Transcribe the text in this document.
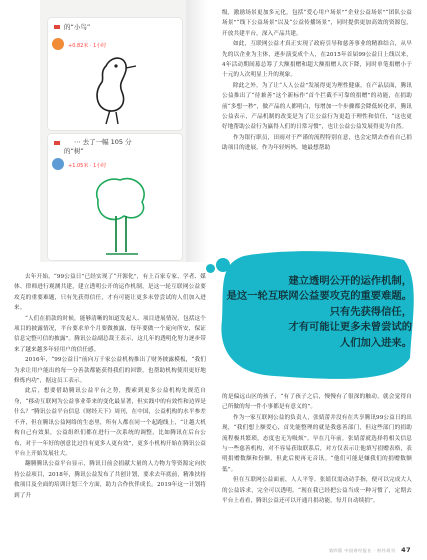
的“小鸟”
+0.82米 · 1小时
⋯ 去了一幅 105 分
的“树”
+1.05米 · 1小时

级，激励场景更加多元化，包括“爱心用户场景”“企业公益场景”“团队公益场景”“线下公益场景”以及“公益传播场景”，同时提供更加高效的资源包，开放共建平台，深入产品共建。

如此，互联网公益才真正实现了政府引导和慈善事业的精准结合，从早先的以企业为主体，逐步演变成个人，在2015年首届99公益日上线以来，4年活动期间募总筹了大额捐赠和超大额捐赠人次下降，同时单笔捐赠小于十元的人次明显上升的现象。

除此之外，为了让“人人公益”发展得更为理性健康，在产品层面，腾讯公益推出了“待兼善”这个新标作“首个拦截不可靠的捐赠”的功能，在捐助前“多想一秒”，做产品的人都明白，每增加一个步骤都会降低转化率，腾讯公益表示，产品机制的改变是为了让公益行为更趋于理性和信任，“这也更好地帮助公益行为赢得人们的日常习惯”，也让公益公益发展得更为自然。

作为银行职员，田雨对于严谨的流程特别在意，也会定期去查看自己捐助项目的进展，作为年轻妈妈，她最想帮助

建立透明公开的运作机制，
是这一轮互联网公益要攻克的重要难题。
只有先获得信任，
才有可能让更多未曾尝试的
人们加入进来。

去年开始，“99公益日”已经实现了“开源化”，有上百家专家、学者、媒体、律师进行观测共建，建立透明公开的运作机制，是这一轮互联网公益要攻克的重要难题，只有先获得信任，才有可能让更多未曾尝试的人们加入进来。

“人们在捐款的时候，能够清晰的知道发起人、项目进展情况，包括这个项目的披露情况，平台要求单个月要做披露，每年要做一个庞向所安，保证信息完整可信的披露”。腾讯公益副总裁王表示，这几年的透明化努力逐步带来了越来越多年轻用户的信任感。

2016年，“99公益日”前向万千家公益机构推出了财务披露模板，“我们为求让用户能出的每一分善款都能获得我们的回馈，也帮助机构使用更好地修炼内功”，据这员工表示。

此后，想要借助腾讯公益平台之势，搜索到更多公益机构先规范自身，“移动互联网为公益事业带来的变化最显著，但实践中的有效性和边界是什么？”腾讯公益平台信息《财经天下》周刊，在中国，公益机构的水平参差不齐，但在腾讯公益网络的生态里，所有人都在同一个起跑线上，“让越大机构自己有效果，公益组织们都在进行一次系统的调整，比如腾讯在后台公布，对于一年好的创意比过往有更多人更有效”，更多小机构开始在腾讯公益平台上开始发展壮大。

翻腾腾讯公益平台显示，腾讯日前会捐献大量的人力物力等资源定向扶持公益项目，2018年，腾讯公益发布了共创计划，要求去年底前，精准扶持救项目及全面的培训计划三个方面，助力合作伙伴成长。2019年这一计划将到了升

的是偏远山区的孩子，“有了孩子之后，慢慢有了很深的触动，就会觉得自己所做的每一件小事都是有意义的”。

作为一家互联网公益的负责人，张婧蕾并没有在共享腾讯99公益日的出现，“我们想上额爱心，首先能整理的就是我慈善部门，但这些部门的捐助流程极其繁琐，态度也无为吸烦”。早在几年前，张婧蕾就选择将相关信息与一些慈善机构，对不容易获取联系后，对方仅表示让他填写捐赠表格，表明捐赠数额和份额，但此后便再无音讯。“他们可能是嫌我们的捐赠数额低”。

但在互联网公益面前，人人平等。张婧仅需动动手指，便可以完成大人的公益诉求，完全可以透明。“现在我已经把公益当成一种习惯了，定期去平台上看看，腾讯公益还可以开通月捐功能，每月自动续捐”。

第四版 中国财经报社 · 财经周刊 47
